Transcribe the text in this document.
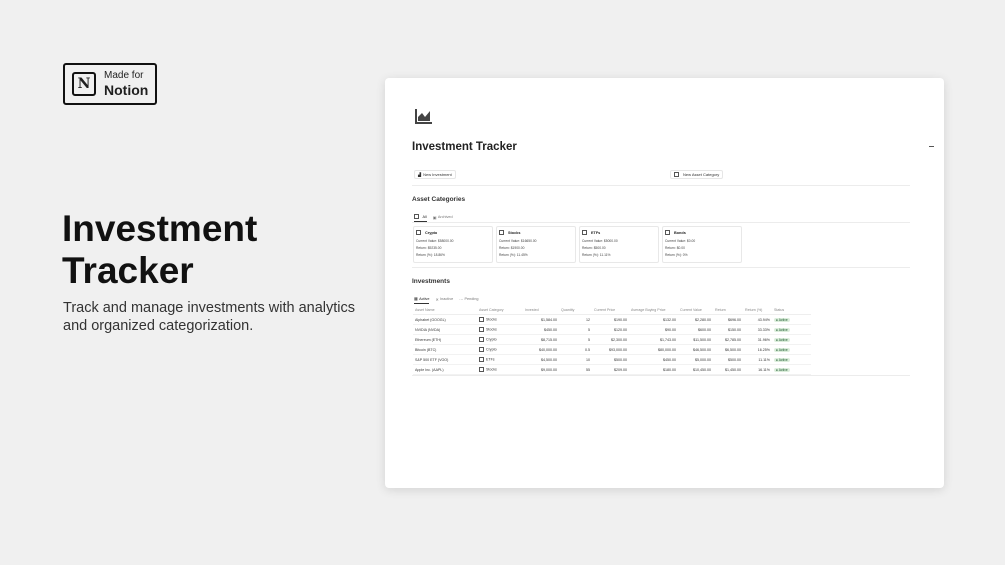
N
Made for
Notion
Investment
Tracker

Track and manage investments with analytics and organized categorization.

Investment Tracker
▟ New Investment	New Asset Category
Asset Categories
All ▣ Archived
Crypto
Current Value: $58000.00
Return: $9235.00
Return (%): 18.86%
Stocks
Current Value: $16650.00
Return: $1900.00
Return (%): 11.45%
ETFs
Current Value: $5000.00
Return: $500.00
Return (%): 11.11%
Bonds
Current Value: $0.00
Return: $0.00
Return (%): 0%
Investments
▦ Active ✕ Inactive ⋯ Pending
Asset Name	Asset Category	Invested	Quantity	Current Price	Average Buying Price	Current Value	Return	Return (%)	Status
Alphabet (GOOGL)	Stocks	$1,584.00	12	$190.00	$132.00	$2,280.00	$696.00	43.94%	● Active
NVIDIA (NVDA)	Stocks	$450.00	5	$120.00	$90.00	$600.00	$150.00	33.33%	● Active
Ethereum (ETH)	Crypto	$8,715.00	5	$2,300.00	$1,743.00	$11,500.00	$2,785.00	31.96%	● Active
Bitcoin (BTC)	Crypto	$40,000.00	0.5	$93,000.00	$80,000.00	$46,500.00	$6,500.00	16.25%	● Active
S&P 500 ETF (VOO)	ETFs	$4,500.00	10	$500.00	$450.00	$5,000.00	$500.00	11.11%	● Active
Apple Inc. (AAPL)	Stocks	$9,000.00	55	$209.00	$180.00	$10,450.00	$1,450.00	16.11%	● Active
